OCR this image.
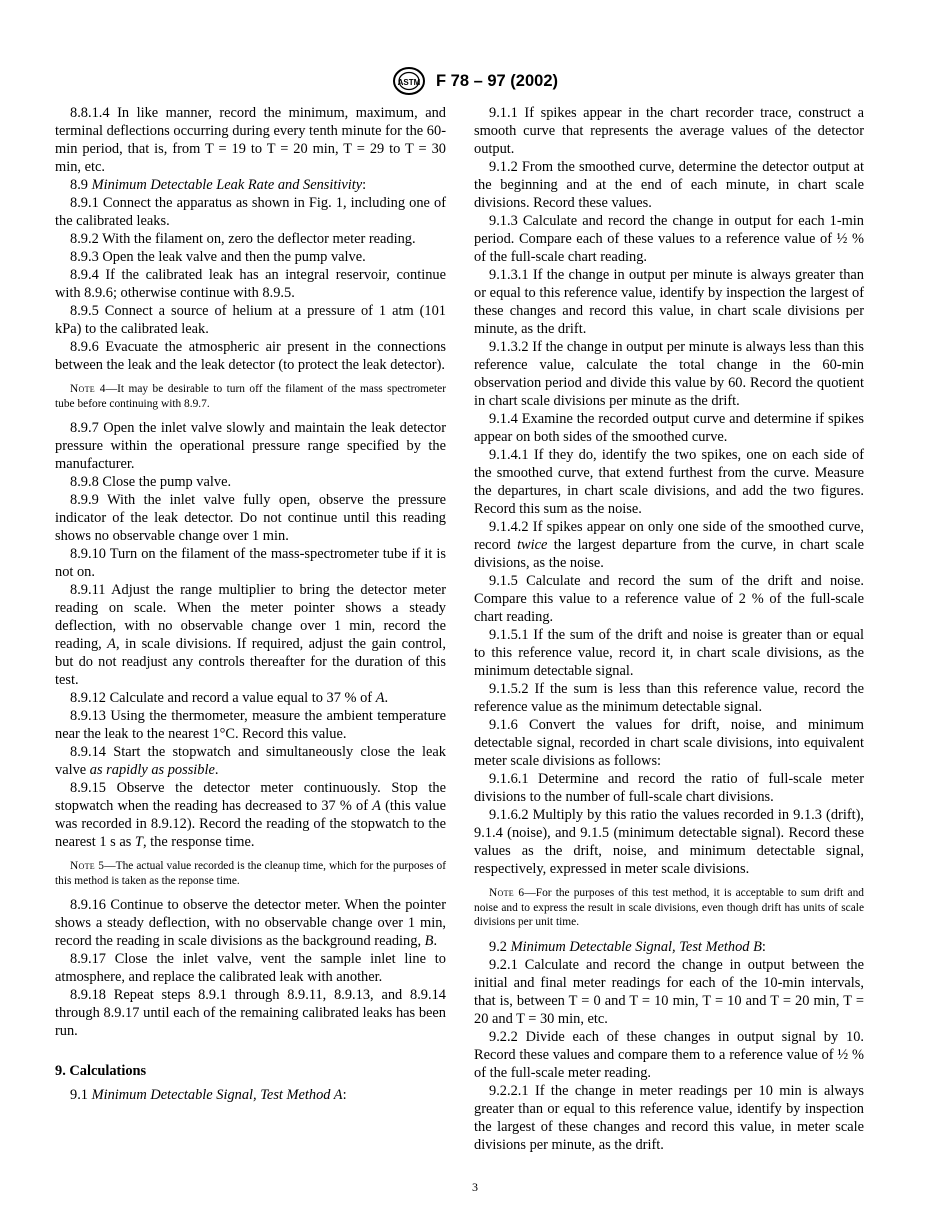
ASTM F 78 – 97 (2002)

8.8.1.4 In like manner, record the minimum, maximum, and terminal deflections occurring during every tenth minute for the 60-min period, that is, from T = 19 to T = 20 min, T = 29 to T = 30 min, etc.

8.9 Minimum Detectable Leak Rate and Sensitivity:

8.9.1 Connect the apparatus as shown in Fig. 1, including one of the calibrated leaks.

8.9.2 With the filament on, zero the deflector meter reading.

8.9.3 Open the leak valve and then the pump valve.

8.9.4 If the calibrated leak has an integral reservoir, continue with 8.9.6; otherwise continue with 8.9.5.

8.9.5 Connect a source of helium at a pressure of 1 atm (101 kPa) to the calibrated leak.

8.9.6 Evacuate the atmospheric air present in the connections between the leak and the leak detector (to protect the leak detector).

Note 4—It may be desirable to turn off the filament of the mass spectrometer tube before continuing with 8.9.7.

8.9.7 Open the inlet valve slowly and maintain the leak detector pressure within the operational pressure range specified by the manufacturer.

8.9.8 Close the pump valve.

8.9.9 With the inlet valve fully open, observe the pressure indicator of the leak detector. Do not continue until this reading shows no observable change over 1 min.

8.9.10 Turn on the filament of the mass-spectrometer tube if it is not on.

8.9.11 Adjust the range multiplier to bring the detector meter reading on scale. When the meter pointer shows a steady deflection, with no observable change over 1 min, record the reading, A, in scale divisions. If required, adjust the gain control, but do not readjust any controls thereafter for the duration of this test.

8.9.12 Calculate and record a value equal to 37 % of A.

8.9.13 Using the thermometer, measure the ambient temperature near the leak to the nearest 1°C. Record this value.

8.9.14 Start the stopwatch and simultaneously close the leak valve as rapidly as possible.

8.9.15 Observe the detector meter continuously. Stop the stopwatch when the reading has decreased to 37 % of A (this value was recorded in 8.9.12). Record the reading of the stopwatch to the nearest 1 s as T, the response time.

Note 5—The actual value recorded is the cleanup time, which for the purposes of this method is taken as the reponse time.

8.9.16 Continue to observe the detector meter. When the pointer shows a steady deflection, with no observable change over 1 min, record the reading in scale divisions as the background reading, B.

8.9.17 Close the inlet valve, vent the sample inlet line to atmosphere, and replace the calibrated leak with another.

8.9.18 Repeat steps 8.9.1 through 8.9.11, 8.9.13, and 8.9.14 through 8.9.17 until each of the remaining calibrated leaks has been run.

9. Calculations

9.1 Minimum Detectable Signal, Test Method A:

9.1.1 If spikes appear in the chart recorder trace, construct a smooth curve that represents the average values of the detector output.

9.1.2 From the smoothed curve, determine the detector output at the beginning and at the end of each minute, in chart scale divisions. Record these values.

9.1.3 Calculate and record the change in output for each 1-min period. Compare each of these values to a reference value of ½ % of the full-scale chart reading.

9.1.3.1 If the change in output per minute is always greater than or equal to this reference value, identify by inspection the largest of these changes and record this value, in chart scale divisions per minute, as the drift.

9.1.3.2 If the change in output per minute is always less than this reference value, calculate the total change in the 60-min observation period and divide this value by 60. Record the quotient in chart scale divisions per minute as the drift.

9.1.4 Examine the recorded output curve and determine if spikes appear on both sides of the smoothed curve.

9.1.4.1 If they do, identify the two spikes, one on each side of the smoothed curve, that extend furthest from the curve. Measure the departures, in chart scale divisions, and add the two figures. Record this sum as the noise.

9.1.4.2 If spikes appear on only one side of the smoothed curve, record twice the largest departure from the curve, in chart scale divisions, as the noise.

9.1.5 Calculate and record the sum of the drift and noise. Compare this value to a reference value of 2 % of the full-scale chart reading.

9.1.5.1 If the sum of the drift and noise is greater than or equal to this reference value, record it, in chart scale divisions, as the minimum detectable signal.

9.1.5.2 If the sum is less than this reference value, record the reference value as the minimum detectable signal.

9.1.6 Convert the values for drift, noise, and minimum detectable signal, recorded in chart scale divisions, into equivalent meter scale divisions as follows:

9.1.6.1 Determine and record the ratio of full-scale meter divisions to the number of full-scale chart divisions.

9.1.6.2 Multiply by this ratio the values recorded in 9.1.3 (drift), 9.1.4 (noise), and 9.1.5 (minimum detectable signal). Record these values as the drift, noise, and minimum detectable signal, respectively, expressed in meter scale divisions.

Note 6—For the purposes of this test method, it is acceptable to sum drift and noise and to express the result in scale divisions, even though drift has units of scale divisions per unit time.

9.2 Minimum Detectable Signal, Test Method B:

9.2.1 Calculate and record the change in output between the initial and final meter readings for each of the 10-min intervals, that is, between T = 0 and T = 10 min, T = 10 and T = 20 min, T = 20 and T = 30 min, etc.

9.2.2 Divide each of these changes in output signal by 10. Record these values and compare them to a reference value of ½ % of the full-scale meter reading.

9.2.2.1 If the change in meter readings per 10 min is always greater than or equal to this reference value, identify by inspection the largest of these changes and record this value, in meter scale divisions per minute, as the drift.

3
